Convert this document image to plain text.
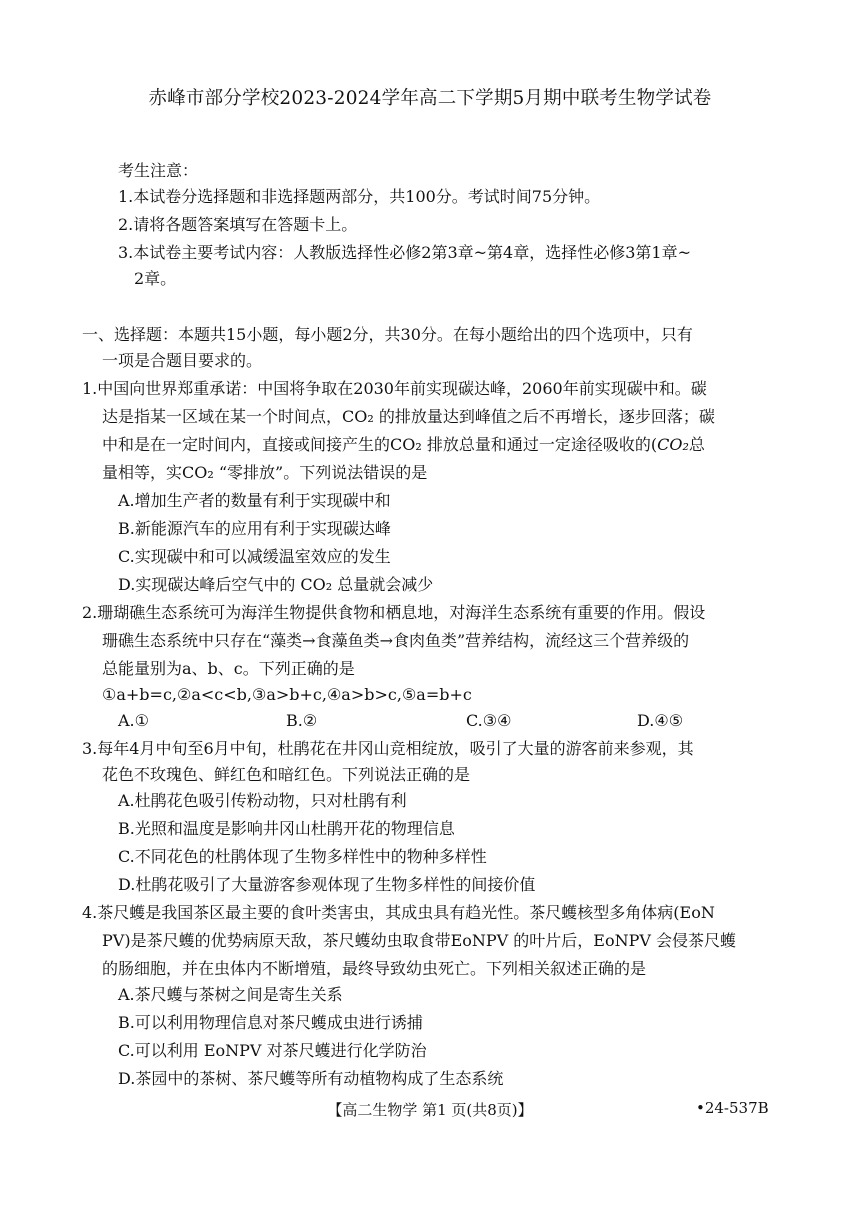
赤峰市部分学校2023-2024学年高二下学期5月期中联考生物学试卷
考生注意：
1.本试卷分选择题和非选择题两部分，共100分。考试时间75分钟。
2.请将各题答案填写在答题卡上。
3.本试卷主要考试内容：人教版选择性必修2第3章~第4章，选择性必修3第1章~
2章。
一、选择题：本题共15小题，每小题2分，共30分。在每小题给出的四个选项中，只有
一项是合题目要求的。
1.中国向世界郑重承诺：中国将争取在2030年前实现碳达峰，2060年前实现碳中和。碳
达是指某一区域在某一个时间点，CO₂ 的排放量达到峰值之后不再增长，逐步回落；碳
中和是在一定时间内，直接或间接产生的CO₂ 排放总量和通过一定途径吸收的(CO₂总
量相等，实CO₂ “零排放”。下列说法错误的是
A.增加生产者的数量有利于实现碳中和
B.新能源汽车的应用有利于实现碳达峰
C.实现碳中和可以减缓温室效应的发生
D.实现碳达峰后空气中的 CO₂ 总量就会减少
2.珊瑚礁生态系统可为海洋生物提供食物和栖息地，对海洋生态系统有重要的作用。假设
珊礁生态系统中只存在“藻类→食藻鱼类→食肉鱼类”营养结构，流经这三个营养级的
总能量别为a、b、c。下列正确的是
①a+b=c,②a<c<b,③a>b+c,④a>b>c,⑤a=b+c
A.①	B.②	C.③④	D.④⑤
3.每年4月中旬至6月中旬，杜鹃花在井冈山竞相绽放，吸引了大量的游客前来参观，其
花色不玫瑰色、鲜红色和暗红色。下列说法正确的是
A.杜鹃花色吸引传粉动物，只对杜鹃有利
B.光照和温度是影响井冈山杜鹃开花的物理信息
C.不同花色的杜鹃体现了生物多样性中的物种多样性
D.杜鹃花吸引了大量游客参观体现了生物多样性的间接价值
4.茶尺蠖是我国茶区最主要的食叶类害虫，其成虫具有趋光性。茶尺蠖核型多角体病(EoN
PV)是茶尺蠖的优势病原天敌，茶尺蠖幼虫取食带EoNPV 的叶片后，EoNPV 会侵茶尺蠖
的肠细胞，并在虫体内不断增殖，最终导致幼虫死亡。下列相关叙述正确的是
A.茶尺蠖与茶树之间是寄生关系
B.可以利用物理信息对茶尺蠖成虫进行诱捕
C.可以利用 EoNPV 对茶尺蠖进行化学防治
D.茶园中的茶树、茶尺蠖等所有动植物构成了生态系统
【高二生物学 第1 页(共8页)】	•24-537B
